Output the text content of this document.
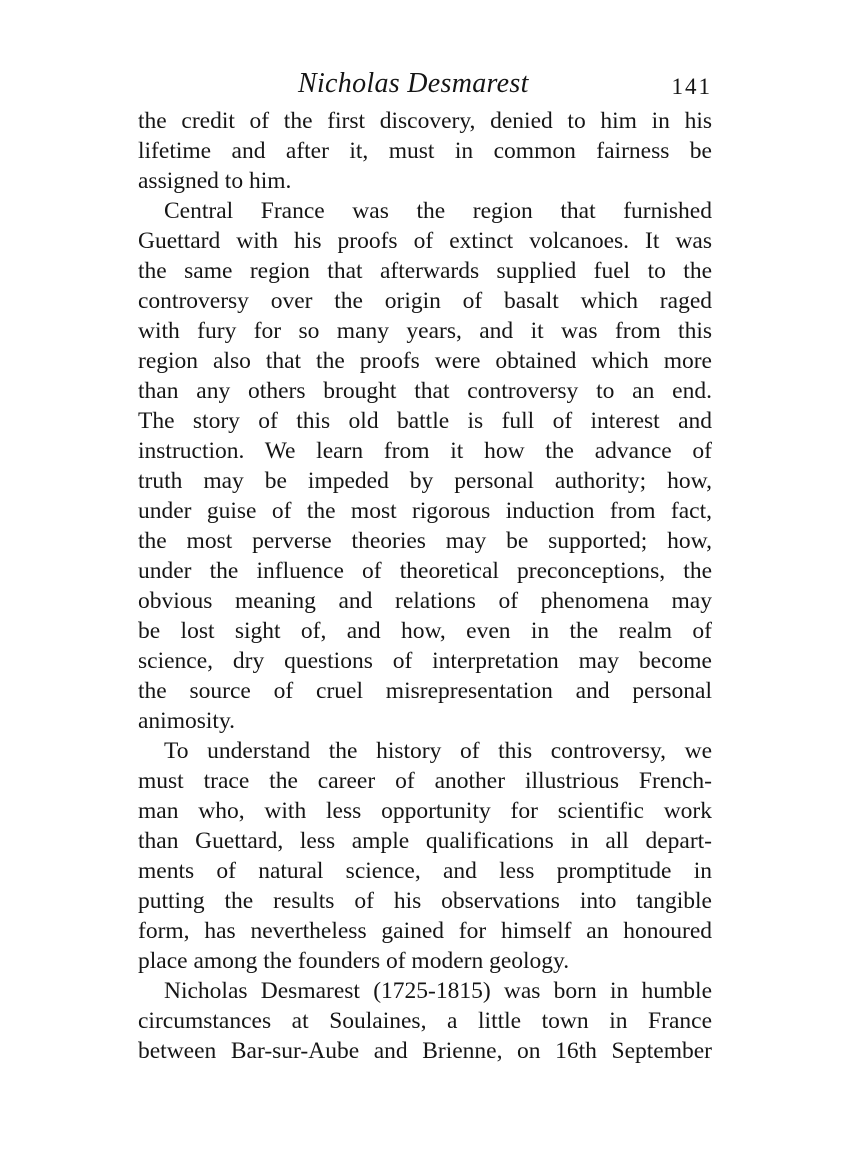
Nicholas Desmarest	141
the credit of the first discovery, denied to him in his
lifetime and after it, must in common fairness be
assigned to him.
Central France was the region that furnished
Guettard with his proofs of extinct volcanoes. It was
the same region that afterwards supplied fuel to the
controversy over the origin of basalt which raged
with fury for so many years, and it was from this
region also that the proofs were obtained which more
than any others brought that controversy to an end.
The story of this old battle is full of interest and
instruction. We learn from it how the advance of
truth may be impeded by personal authority; how,
under guise of the most rigorous induction from fact,
the most perverse theories may be supported; how,
under the influence of theoretical preconceptions, the
obvious meaning and relations of phenomena may
be lost sight of, and how, even in the realm of
science, dry questions of interpretation may become
the source of cruel misrepresentation and personal
animosity.
To understand the history of this controversy, we
must trace the career of another illustrious French-
man who, with less opportunity for scientific work
than Guettard, less ample qualifications in all depart-
ments of natural science, and less promptitude in
putting the results of his observations into tangible
form, has nevertheless gained for himself an honoured
place among the founders of modern geology.
Nicholas Desmarest (1725-1815) was born in humble
circumstances at Soulaines, a little town in France
between Bar-sur-Aube and Brienne, on 16th September
